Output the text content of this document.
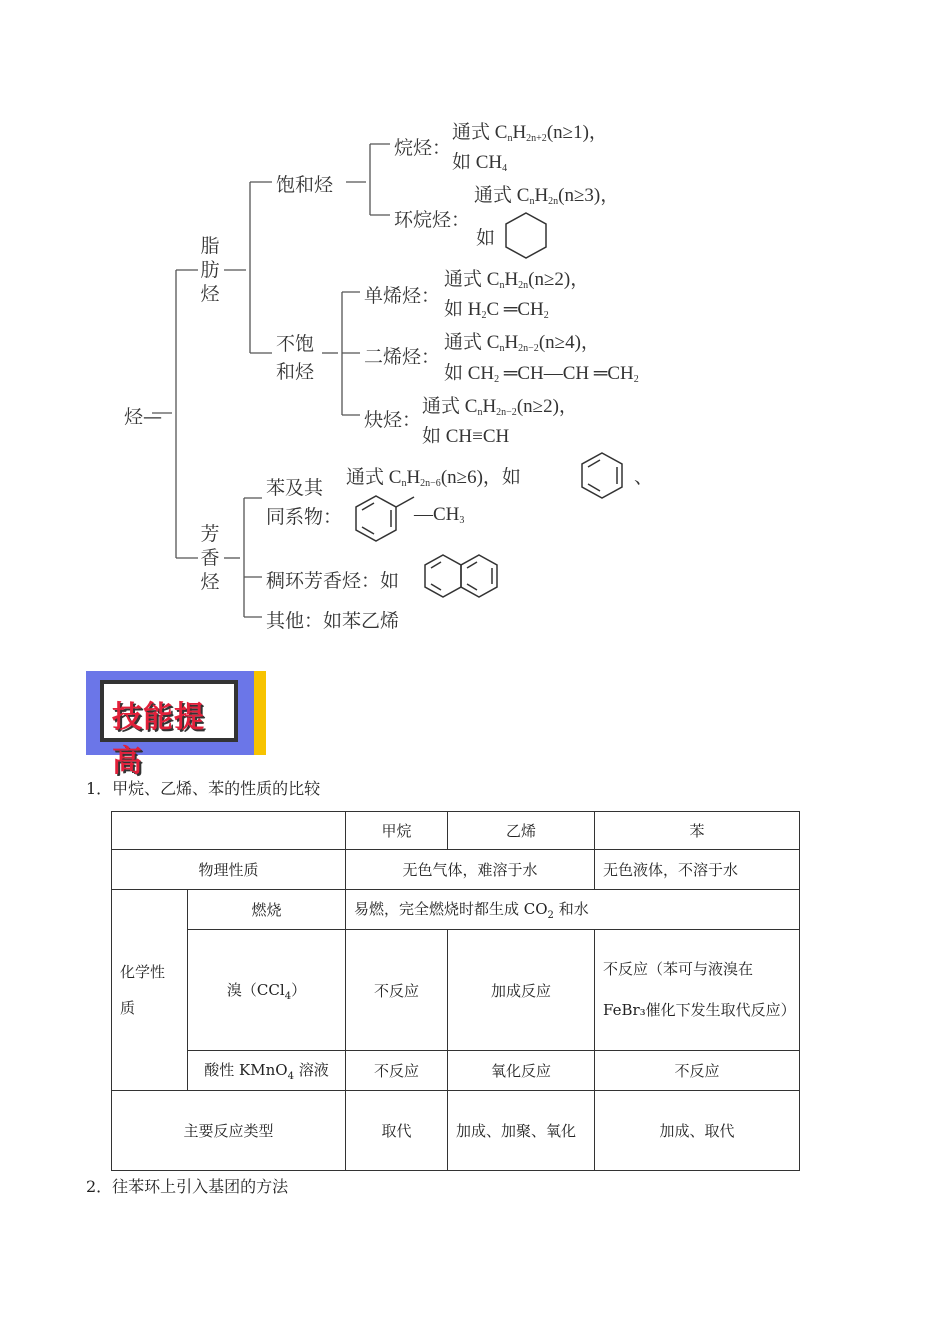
烃—
脂肪烃
饱和烃
烷烃：
通式 $C_nH_{2n+2}(n\ge 1)$，
如 $CH_4$
环烷烃：
通式 $C_nH_{2n}(n\ge 3)$，
如
不饱和烃
单烯烃：
通式 $C_nH_{2n}(n\ge 2)$，
如 $H_2C$ $═CH_2$
二烯烃：
通式 $C_nH_{2n-2}(n\ge 4)$，
如 $CH_2$ ═CH—CH $═CH_2$
炔烃：
通式 $C_nH_{2n-2}(n\ge 2)$，
如 CH≡CH
芳香烃
苯及其
同系物：
通式 $C_nH_{2n-6}(n\ge 6)$，如	、
$—CH_3$
稠环芳香烃：如
其他：如苯乙烯
技能提高
1．甲烷、乙烯、苯的性质的比较
		甲烷	乙烯	苯
物理性质		无色气体，难溶于水		无色液体，不溶于水
化学性质	燃烧	易燃，完全燃烧时都生成 $CO_2$ 和水		
	溴（CCl$_4$）	不反应	加成反应	不反应（苯可与液溴在FeBr₃催化下发生取代反应）
	酸性 KMnO$_4$ 溶液	不反应	氧化反应	不反应
主要反应类型		取代	加成、加聚、氧化	加成、取代
2．往苯环上引入基团的方法
